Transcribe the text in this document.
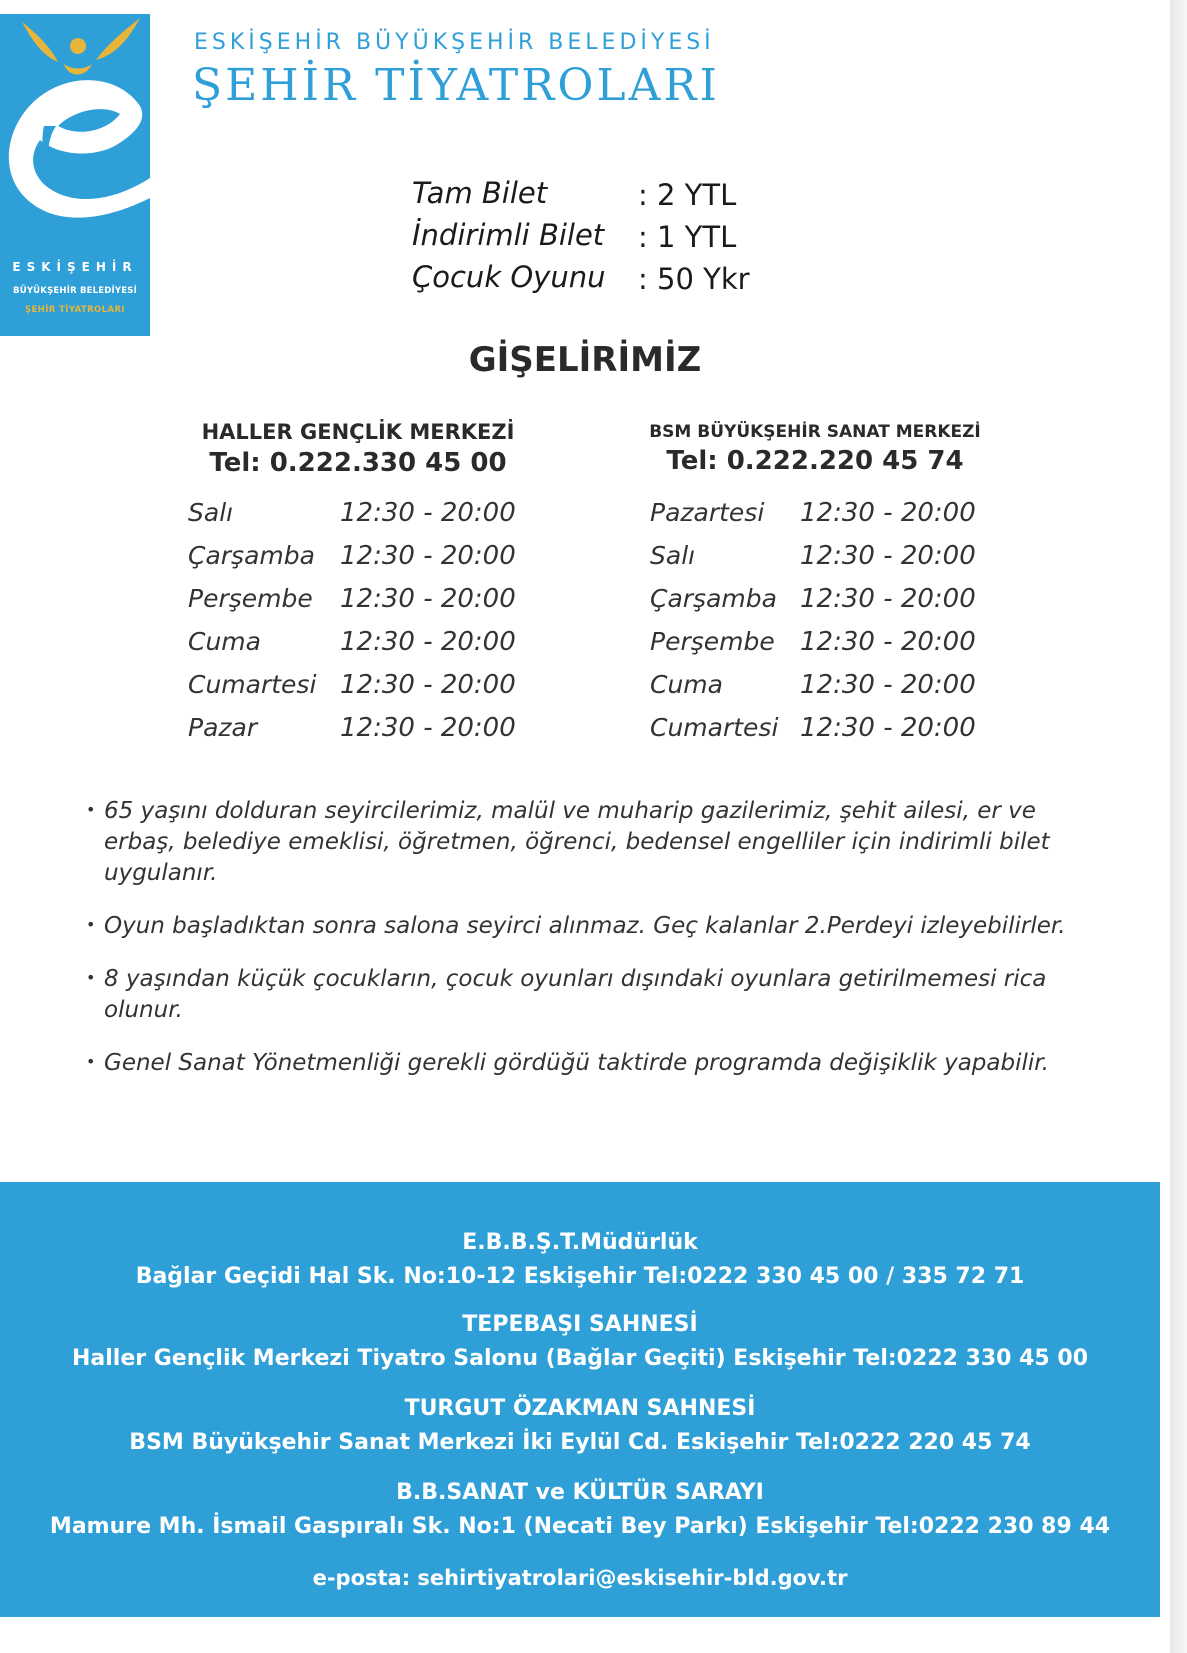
ESKİŞEHİR
BÜYÜKŞEHİR BELEDİYESİ
ŞEHİR TİYATROLARI
ESKİŞEHİR BÜYÜKŞEHİR BELEDİYESİ
ŞEHİR TİYATROLARI
Tam Bilet	: 2 YTL
İndirimli Bilet : 1 YTL
Çocuk Oyunu : 50 Ykr
GİŞELİRİMİZ
HALLER GENÇLİK MERKEZİ
Tel: 0.222.330 45 00
Salı	12:30 - 20:00
Çarşamba 12:30 - 20:00
Perşembe 12:30 - 20:00
Cuma	12:30 - 20:00
Cumartesi 12:30 - 20:00
Pazar	12:30 - 20:00
BSM BÜYÜKŞEHİR SANAT MERKEZİ
Tel: 0.222.220 45 74
Pazartesi 12:30 - 20:00
Salı	12:30 - 20:00
Çarşamba 12:30 - 20:00
Perşembe 12:30 - 20:00
Cuma	12:30 - 20:00
Cumartesi 12:30 - 20:00
• 65 yaşını dolduran seyircilerimiz, malül ve muharip gazilerimiz, şehit ailesi, er ve erbaş, belediye emeklisi, öğretmen, öğrenci, bedensel engelliler için indirimli bilet uygulanır.
• Oyun başladıktan sonra salona seyirci alınmaz. Geç kalanlar 2.Perdeyi izleyebilirler.
• 8 yaşından küçük çocukların, çocuk oyunları dışındaki oyunlara getirilmemesi rica olunur.
• Genel Sanat Yönetmenliği gerekli gördüğü taktirde programda değişiklik yapabilir.
E.B.B.Ş.T.Müdürlük
Bağlar Geçidi Hal Sk. No:10-12 Eskişehir Tel:0222 330 45 00 / 335 72 71
TEPEBAŞI SAHNESİ
Haller Gençlik Merkezi Tiyatro Salonu (Bağlar Geçiti) Eskişehir Tel:0222 330 45 00
TURGUT ÖZAKMAN SAHNESİ
BSM Büyükşehir Sanat Merkezi İki Eylül Cd. Eskişehir Tel:0222 220 45 74
B.B.SANAT ve KÜLTÜR SARAYI
Mamure Mh. İsmail Gaspıralı Sk. No:1 (Necati Bey Parkı) Eskişehir Tel:0222 230 89 44
e-posta: sehirtiyatrolari@eskisehir-bld.gov.tr
